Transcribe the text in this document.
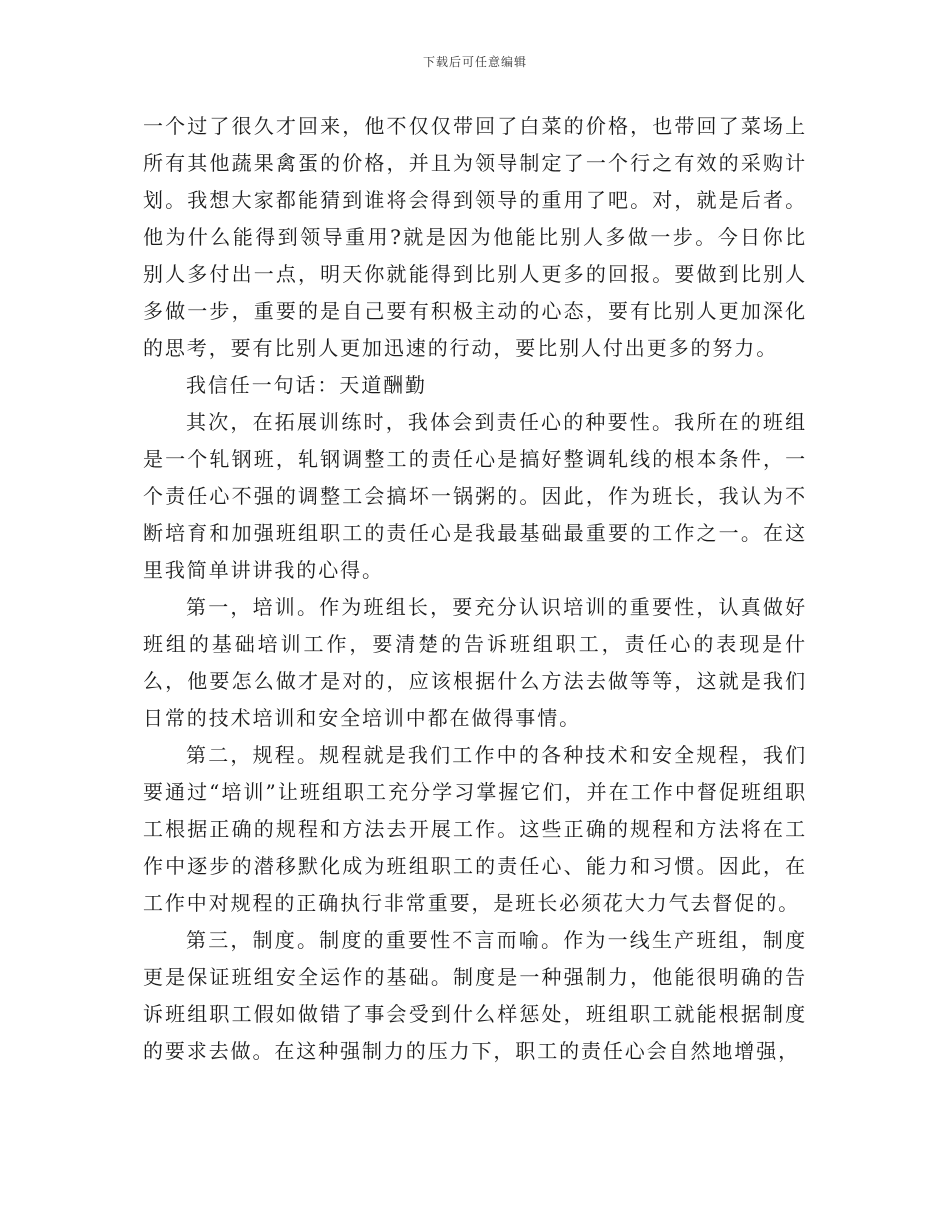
下载后可任意编辑

一个过了很久才回来，他不仅仅带回了白菜的价格，也带回了菜场上所有其他蔬果禽蛋的价格，并且为领导制定了一个行之有效的采购计划。我想大家都能猜到谁将会得到领导的重用了吧。对，就是后者。他为什么能得到领导重用?就是因为他能比别人多做一步。今日你比别人多付出一点，明天你就能得到比别人更多的回报。要做到比别人多做一步，重要的是自己要有积极主动的心态，要有比别人更加深化的思考，要有比别人更加迅速的行动，要比别人付出更多的努力。

我信任一句话：天道酬勤

其次，在拓展训练时，我体会到责任心的种要性。我所在的班组是一个轧钢班，轧钢调整工的责任心是搞好整调轧线的根本条件，一个责任心不强的调整工会搞坏一锅粥的。因此，作为班长，我认为不断培育和加强班组职工的责任心是我最基础最重要的工作之一。在这里我简单讲讲我的心得。

第一，培训。作为班组长，要充分认识培训的重要性，认真做好班组的基础培训工作，要清楚的告诉班组职工，责任心的表现是什么，他要怎么做才是对的，应该根据什么方法去做等等，这就是我们日常的技术培训和安全培训中都在做得事情。

第二，规程。规程就是我们工作中的各种技术和安全规程，我们要通过“培训”让班组职工充分学习掌握它们，并在工作中督促班组职工根据正确的规程和方法去开展工作。这些正确的规程和方法将在工作中逐步的潜移默化成为班组职工的责任心、能力和习惯。因此，在工作中对规程的正确执行非常重要，是班长必须花大力气去督促的。

第三，制度。制度的重要性不言而喻。作为一线生产班组，制度更是保证班组安全运作的基础。制度是一种强制力，他能很明确的告诉班组职工假如做错了事会受到什么样惩处，班组职工就能根据制度的要求去做。在这种强制力的压力下，职工的责任心会自然地增强，
